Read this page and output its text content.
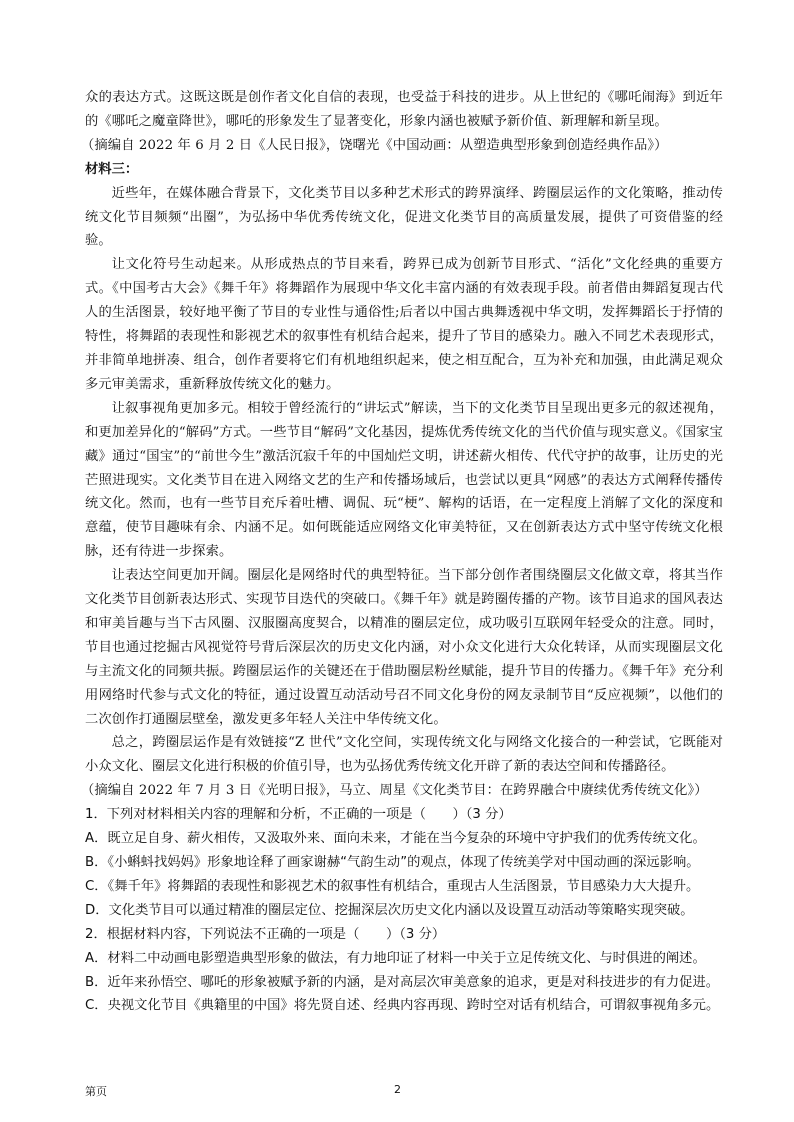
众的表达方式。这既这既是创作者文化自信的表现，也受益于科技的进步。从上世纪的《哪吒闹海》到近年的《哪吒之魔童降世》，哪吒的形象发生了显著变化，形象内涵也被赋予新价值、新理解和新呈现。

（摘编自 2022 年 6 月 2 日《人民日报》，饶曙光《中国动画：从塑造典型形象到创造经典作品》）

材料三：

近些年，在媒体融合背景下，文化类节目以多种艺术形式的跨界演绎、跨圈层运作的文化策略，推动传统文化节目频频“出圈”，为弘扬中华优秀传统文化，促进文化类节目的高质量发展，提供了可资借鉴的经验。

让文化符号生动起来。从形成热点的节目来看，跨界已成为创新节目形式、“活化”文化经典的重要方式。《中国考古大会》《舞千年》将舞蹈作为展现中华文化丰富内涵的有效表现手段。前者借由舞蹈复现古代人的生活图景，较好地平衡了节目的专业性与通俗性;后者以中国古典舞透视中华文明，发挥舞蹈长于抒情的特性，将舞蹈的表现性和影视艺术的叙事性有机结合起来，提升了节目的感染力。融入不同艺术表现形式，并非简单地拼凑、组合，创作者要将它们有机地组织起来，使之相互配合，互为补充和加强，由此满足观众多元审美需求，重新释放传统文化的魅力。

让叙事视角更加多元。相较于曾经流行的“讲坛式”解读，当下的文化类节目呈现出更多元的叙述视角，和更加差异化的“解码”方式。一些节目“解码”文化基因，提炼优秀传统文化的当代价值与现实意义。《国家宝藏》通过“国宝”的“前世今生”激活沉寂千年的中国灿烂文明，讲述薪火相传、代代守护的故事，让历史的光芒照进现实。文化类节目在进入网络文艺的生产和传播场域后，也尝试以更具“网感”的表达方式阐释传播传统文化。然而，也有一些节目充斥着吐槽、调侃、玩“梗”、解构的话语，在一定程度上消解了文化的深度和意蕴，使节目趣味有余、内涵不足。如何既能适应网络文化审美特征，又在创新表达方式中坚守传统文化根脉，还有待进一步探索。

让表达空间更加开阔。圈层化是网络时代的典型特征。当下部分创作者围绕圈层文化做文章，将其当作文化类节目创新表达形式、实现节目迭代的突破口。《舞千年》就是跨圈传播的产物。该节目追求的国风表达和审美旨趣与当下古风圈、汉服圈高度契合，以精准的圈层定位，成功吸引互联网年轻受众的注意。同时，节目也通过挖掘古风视觉符号背后深层次的历史文化内涵，对小众文化进行大众化转译，从而实现圈层文化与主流文化的同频共振。跨圈层运作的关键还在于借助圈层粉丝赋能，提升节目的传播力。《舞千年》充分利用网络时代参与式文化的特征，通过设置互动活动号召不同文化身份的网友录制节目“反应视频”，以他们的二次创作打通圈层壁垒，激发更多年轻人关注中华传统文化。

总之，跨圈层运作是有效链接“Z 世代”文化空间，实现传统文化与网络文化接合的一种尝试，它既能对小众文化、圈层文化进行积极的价值引导，也为弘扬优秀传统文化开辟了新的表达空间和传播路径。

（摘编自 2022 年 7 月 3 日《光明日报》，马立、周星《文化类节目：在跨界融合中赓续优秀传统文化》）

1．下列对材料相关内容的理解和分析，不正确的一项是（　　）（3 分）

A．既立足自身、薪火相传，又汲取外来、面向未来，才能在当今复杂的环境中守护我们的优秀传统文化。

B．《小蝌蚪找妈妈》形象地诠释了画家谢赫“气韵生动”的观点，体现了传统美学对中国动画的深远影响。

C．《舞千年》将舞蹈的表现性和影视艺术的叙事性有机结合，重现古人生活图景，节目感染力大大提升。

D．文化类节目可以通过精准的圈层定位、挖掘深层次历史文化内涵以及设置互动活动等策略实现突破。

2．根据材料内容，下列说法不正确的一项是（　　）（3 分）

A．材料二中动画电影塑造典型形象的做法，有力地印证了材料一中关于立足传统文化、与时俱进的阐述。

B．近年来孙悟空、哪吒的形象被赋予新的内涵，是对高层次审美意象的追求，更是对科技进步的有力促进。

C．央视文化节目《典籍里的中国》将先贤自述、经典内容再现、跨时空对话有机结合，可谓叙事视角多元。

第页	2
